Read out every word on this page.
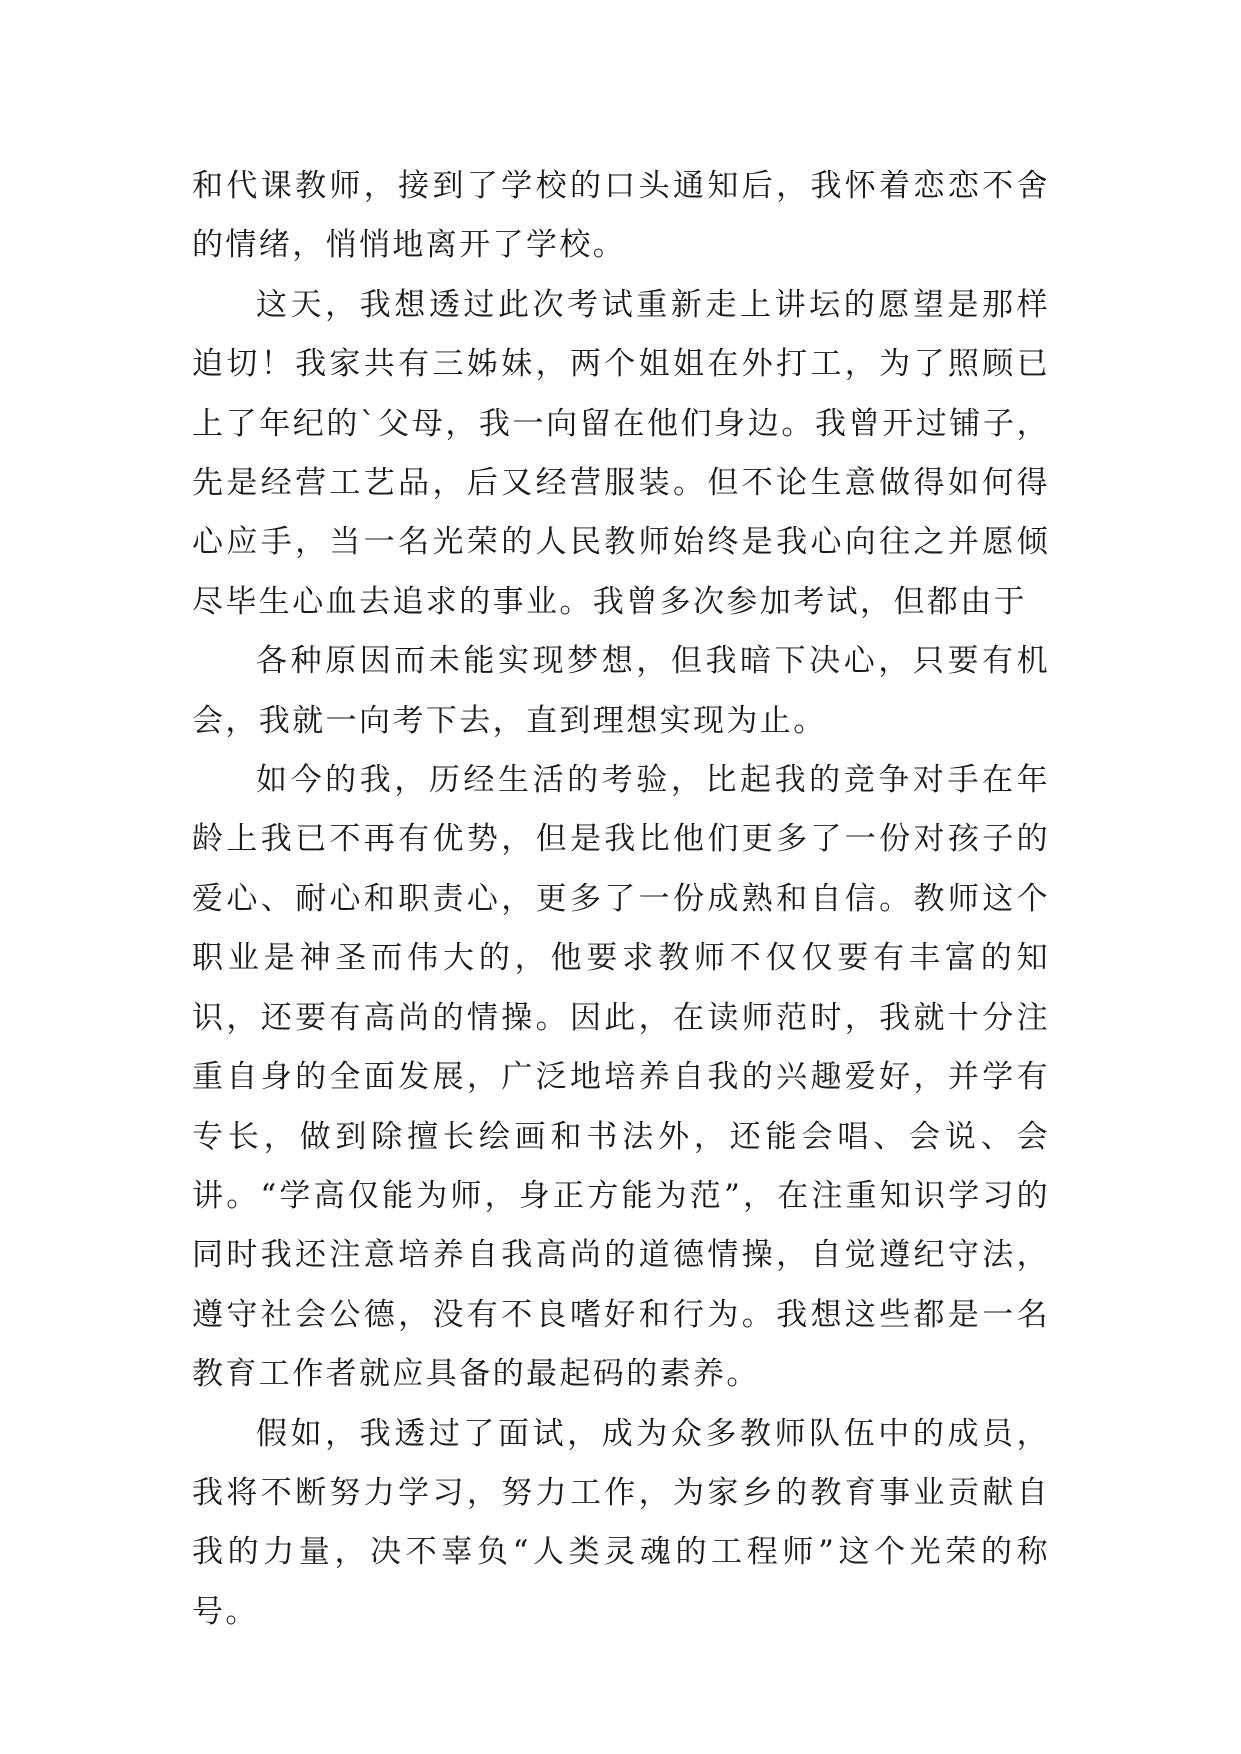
和代课教师，接到了学校的口头通知后，我怀着恋恋不舍的情绪，悄悄地离开了学校。

这天，我想透过此次考试重新走上讲坛的愿望是那样迫切！我家共有三姊妹，两个姐姐在外打工，为了照顾已上了年纪的`父母，我一向留在他们身边。我曾开过铺子，先是经营工艺品，后又经营服装。但不论生意做得如何得心应手，当一名光荣的人民教师始终是我心向往之并愿倾尽毕生心血去追求的事业。我曾多次参加考试，但都由于

各种原因而未能实现梦想，但我暗下决心，只要有机会，我就一向考下去，直到理想实现为止。

如今的我，历经生活的考验，比起我的竞争对手在年龄上我已不再有优势，但是我比他们更多了一份对孩子的爱心、耐心和职责心，更多了一份成熟和自信。教师这个职业是神圣而伟大的，他要求教师不仅仅要有丰富的知识，还要有高尚的情操。因此，在读师范时，我就十分注重自身的全面发展，广泛地培养自我的兴趣爱好，并学有专长，做到除擅长绘画和书法外，还能会唱、会说、会讲。“学高仅能为师，身正方能为范”，在注重知识学习的同时我还注意培养自我高尚的道德情操，自觉遵纪守法，遵守社会公德，没有不良嗜好和行为。我想这些都是一名教育工作者就应具备的最起码的素养。

假如，我透过了面试，成为众多教师队伍中的成员，我将不断努力学习，努力工作，为家乡的教育事业贡献自我的力量，决不辜负“人类灵魂的工程师”这个光荣的称号。
